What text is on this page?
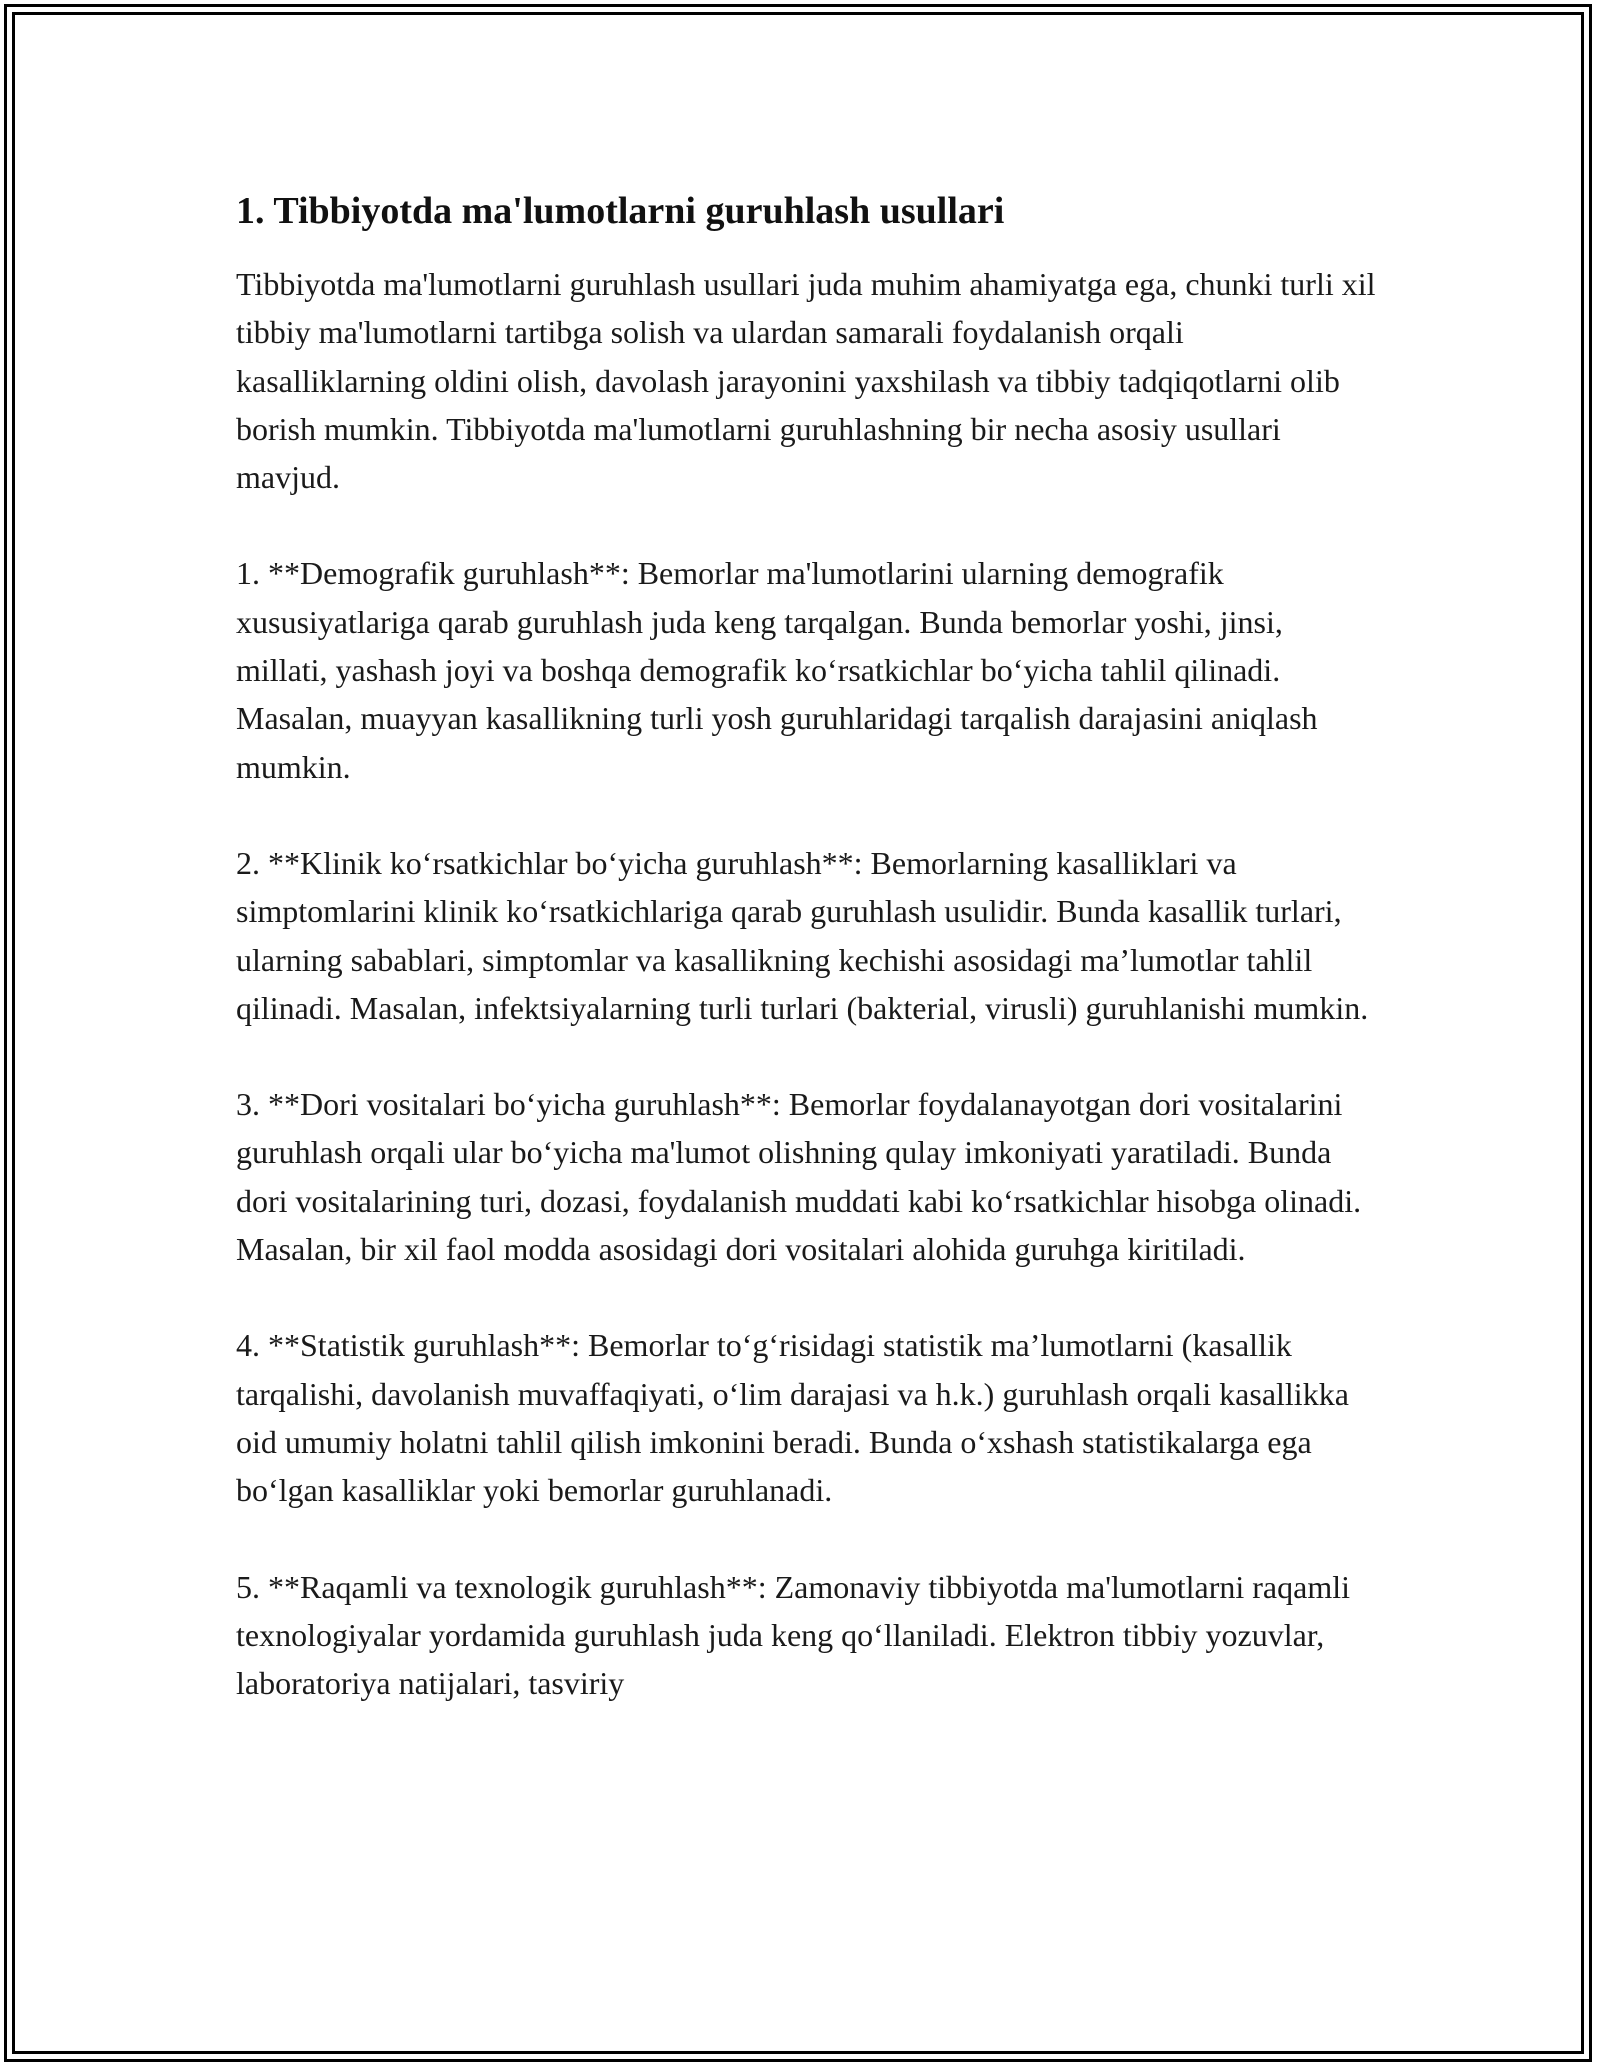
1. Tibbiyotda ma'lumotlarni guruhlash usullari

Tibbiyotda ma'lumotlarni guruhlash usullari juda muhim ahamiyatga ega, chunki turli xil tibbiy ma'lumotlarni tartibga solish va ulardan samarali foydalanish orqali kasalliklarning oldini olish, davolash jarayonini yaxshilash va tibbiy tadqiqotlarni olib borish mumkin. Tibbiyotda ma'lumotlarni guruhlashning bir necha asosiy usullari mavjud.

1. **Demografik guruhlash**: Bemorlar ma'lumotlarini ularning demografik xususiyatlariga qarab guruhlash juda keng tarqalgan. Bunda bemorlar yoshi, jinsi, millati, yashash joyi va boshqa demografik ko‘rsatkichlar bo‘yicha tahlil qilinadi. Masalan, muayyan kasallikning turli yosh guruhlaridagi tarqalish darajasini aniqlash mumkin.

2. **Klinik ko‘rsatkichlar bo‘yicha guruhlash**: Bemorlarning kasalliklari va simptomlarini klinik ko‘rsatkichlariga qarab guruhlash usulidir. Bunda kasallik turlari, ularning sabablari, simptomlar va kasallikning kechishi asosidagi ma’lumotlar tahlil qilinadi. Masalan, infektsiyalarning turli turlari (bakterial, virusli) guruhlanishi mumkin.

3. **Dori vositalari bo‘yicha guruhlash**: Bemorlar foydalanayotgan dori vositalarini guruhlash orqali ular bo‘yicha ma'lumot olishning qulay imkoniyati yaratiladi. Bunda dori vositalarining turi, dozasi, foydalanish muddati kabi ko‘rsatkichlar hisobga olinadi. Masalan, bir xil faol modda asosidagi dori vositalari alohida guruhga kiritiladi.

4. **Statistik guruhlash**: Bemorlar to‘g‘risidagi statistik ma’lumotlarni (kasallik tarqalishi, davolanish muvaffaqiyati, o‘lim darajasi va h.k.) guruhlash orqali kasallikka oid umumiy holatni tahlil qilish imkonini beradi. Bunda o‘xshash statistikalarga ega bo‘lgan kasalliklar yoki bemorlar guruhlanadi.

5. **Raqamli va texnologik guruhlash**: Zamonaviy tibbiyotda ma'lumotlarni raqamli texnologiyalar yordamida guruhlash juda keng qo‘llaniladi. Elektron tibbiy yozuvlar, laboratoriya natijalari, tasviriy
